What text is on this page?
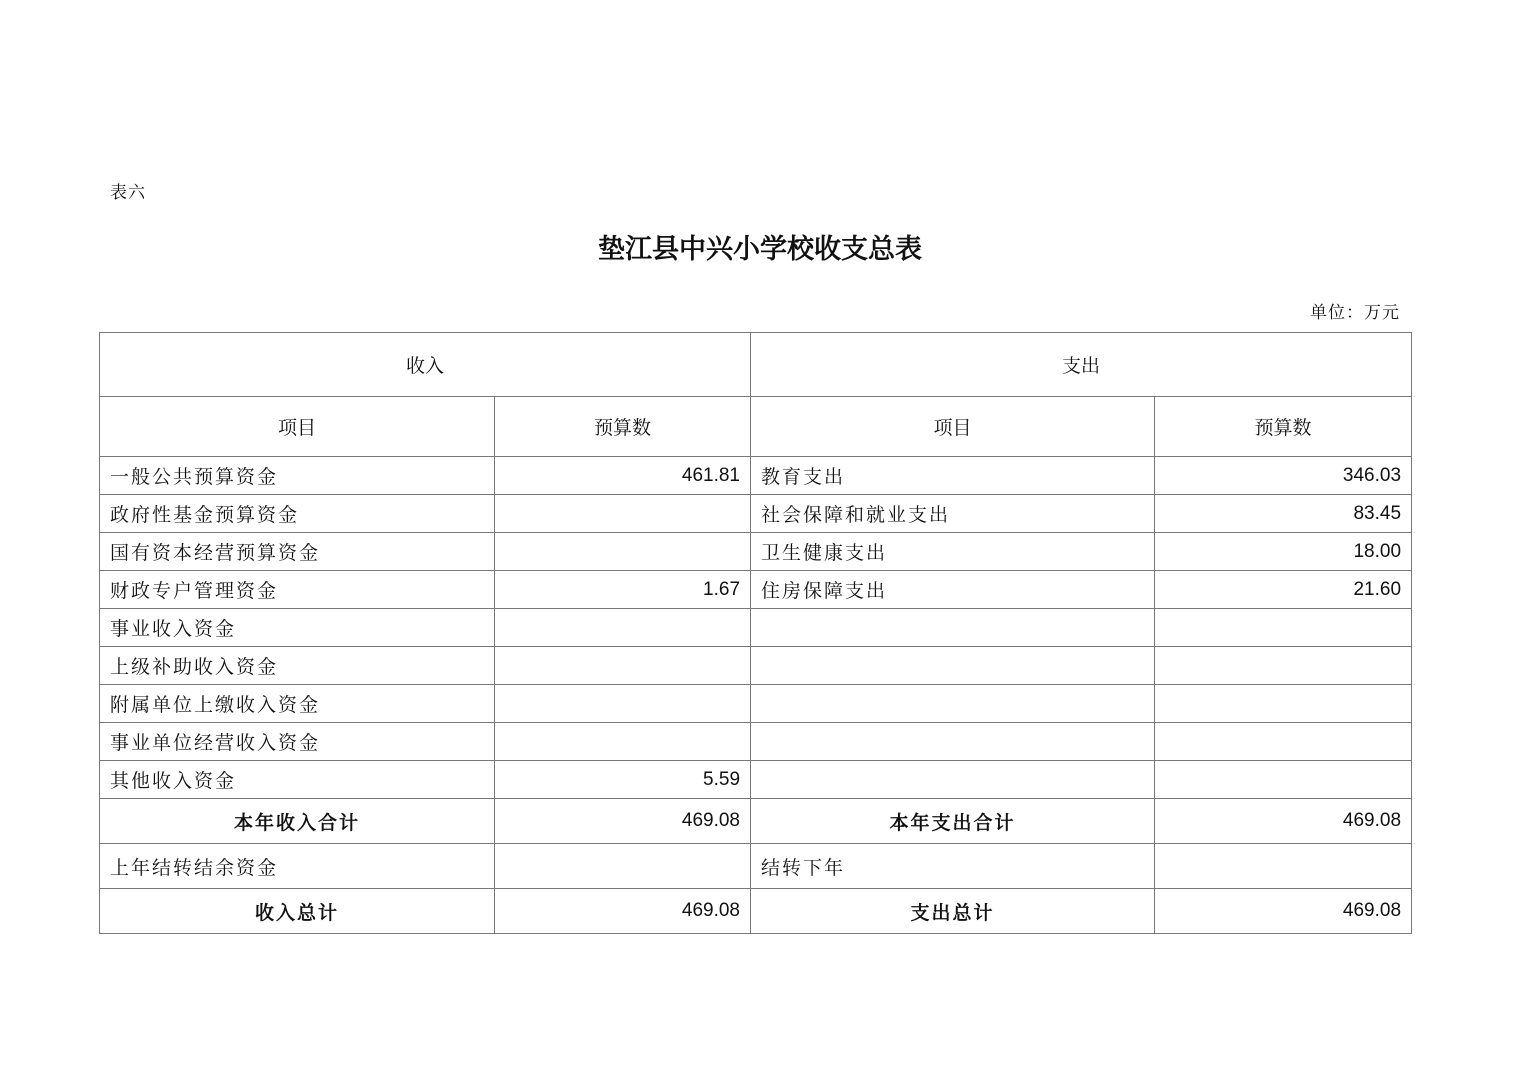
表六
垫江县中兴小学校收支总表
单位：万元
收入		支出	
项目	预算数	项目	预算数
一般公共预算资金	461.81	教育支出	346.03
政府性基金预算资金		社会保障和就业支出	83.45
国有资本经营预算资金		卫生健康支出	18.00
财政专户管理资金	1.67	住房保障支出	21.60
事业收入资金			
上级补助收入资金			
附属单位上缴收入资金			
事业单位经营收入资金			
其他收入资金	5.59		
本年收入合计	469.08	本年支出合计	469.08
上年结转结余资金		结转下年	
收入总计	469.08	支出总计	469.08
